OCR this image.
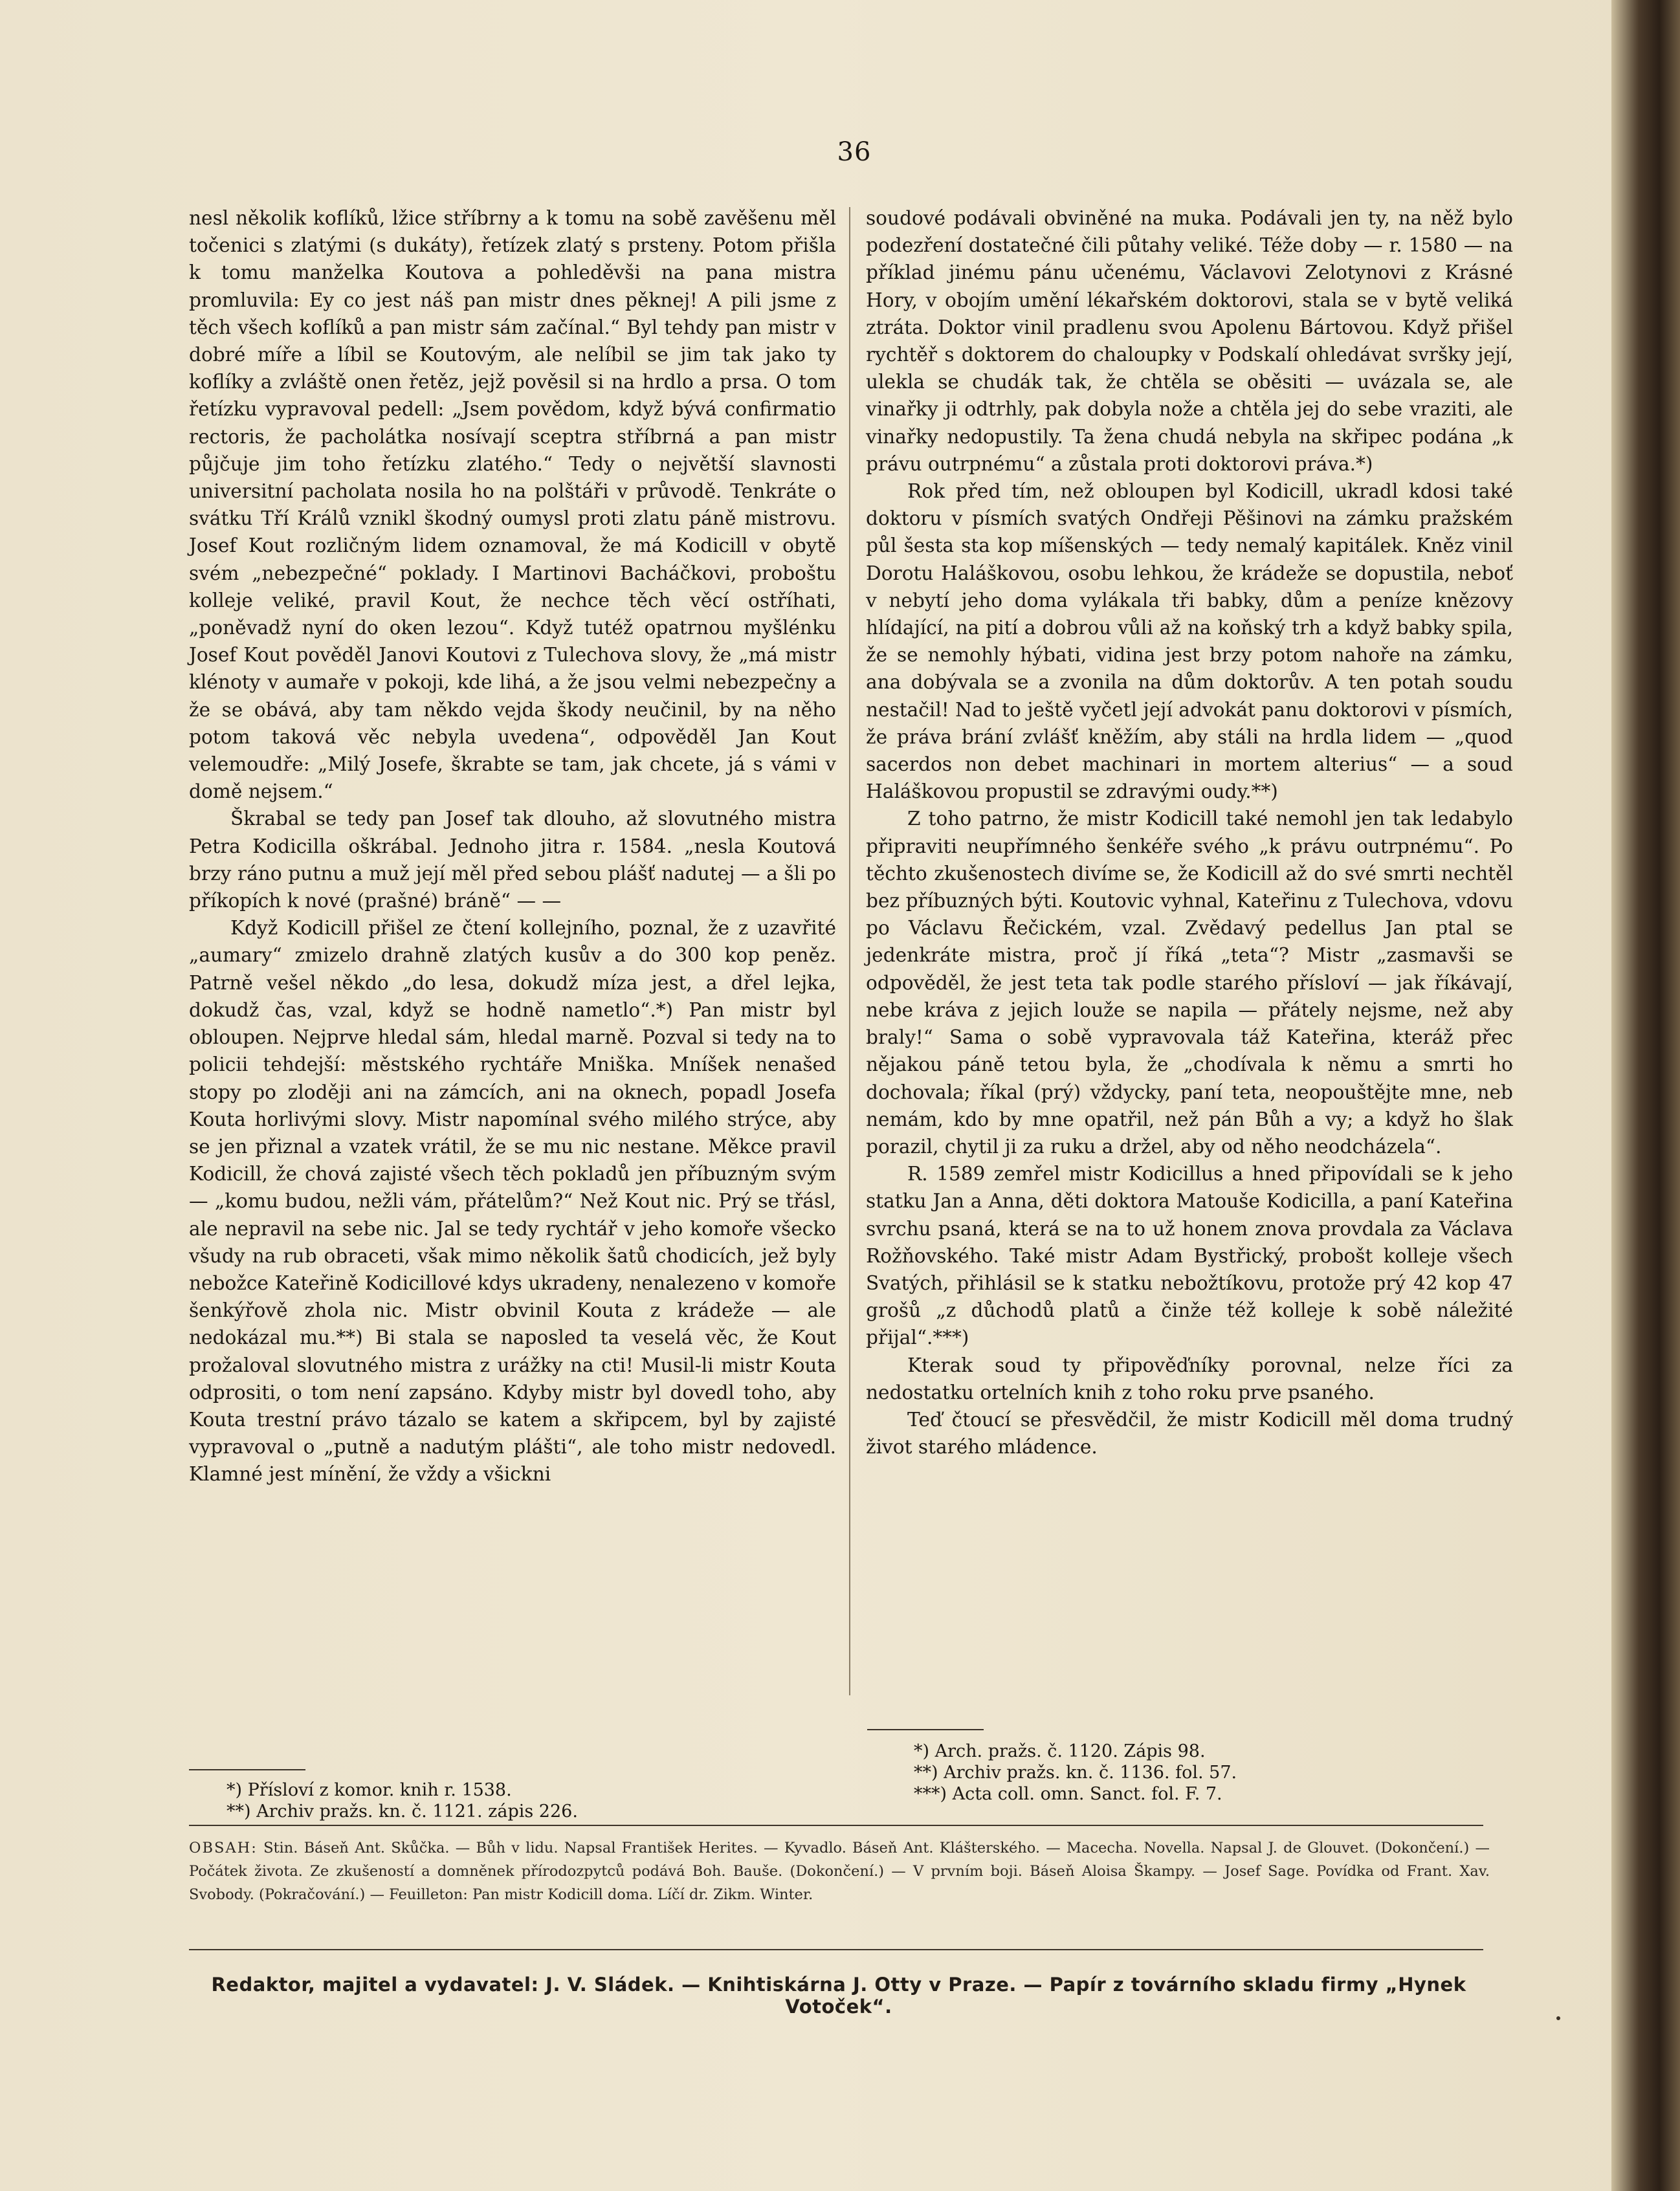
36

nesl několik koflíků, lžice stříbrny a k tomu na sobě zavěšenu měl točenici s zlatými (s dukáty), řetízek zlatý s prsteny. Potom přišla k tomu manželka Koutova a pohleděvši na pana mistra promluvila: Ey co jest náš pan mistr dnes pěknej! A pili jsme z těch všech koflíků a pan mistr sám začínal.“ Byl tehdy pan mistr v dobré míře a líbil se Koutovým, ale nelíbil se jim tak jako ty koflíky a zvláště onen řetěz, jejž pověsil si na hrdlo a prsa. O tom řetízku vypravoval pedell: „Jsem povědom, když bývá confirmatio rectoris, že pacholátka nosívají sceptra stříbrná a pan mistr půjčuje jim toho řetízku zlatého.“ Tedy o největší slavnosti universitní pacholata nosila ho na polštáři v průvodě. Tenkráte o svátku Tří Králů vznikl škodný oumysl proti zlatu páně mistrovu. Josef Kout rozličným lidem oznamoval, že má Kodicill v obytě svém „nebezpečné“ poklady. I Martinovi Bacháčkovi, proboštu kolleje veliké, pravil Kout, že nechce těch věcí ostříhati, „poněvadž nyní do oken lezou“. Když tutéž opatrnou myšlénku Josef Kout pověděl Janovi Koutovi z Tulechova slovy, že „má mistr klénoty v aumaře v pokoji, kde lihá, a že jsou velmi nebezpečny a že se obává, aby tam někdo vejda škody neučinil, by na něho potom taková věc nebyla uvedena“, odpověděl Jan Kout velemoudře: „Milý Josefe, škrabte se tam, jak chcete, já s vámi v domě nejsem.“

Škrabal se tedy pan Josef tak dlouho, až slovutného mistra Petra Kodicilla oškrábal. Jednoho jitra r. 1584. „nesla Koutová brzy ráno putnu a muž její měl před sebou plášť nadutej — a šli po příkopích k nové (prašné) bráně“ — —

Když Kodicill přišel ze čtení kollejního, poznal, že z uzavřité „aumary“ zmizelo drahně zlatých kusův a do 300 kop peněz. Patrně vešel někdo „do lesa, dokudž míza jest, a dřel lejka, dokudž čas, vzal, když se hodně nametlo“.*) Pan mistr byl obloupen. Nejprve hledal sám, hledal marně. Pozval si tedy na to policii tehdejší: městského rychtáře Mniška. Mníšek nenašed stopy po zloději ani na zámcích, ani na oknech, popadl Josefa Kouta horlivými slovy. Mistr napomínal svého milého strýce, aby se jen přiznal a vzatek vrátil, že se mu nic nestane. Měkce pravil Kodicill, že chová zajisté všech těch pokladů jen příbuzným svým — „komu budou, nežli vám, přátelům?“ Než Kout nic. Prý se třásl, ale nepravil na sebe nic. Jal se tedy rychtář v jeho komoře všecko všudy na rub obraceti, však mimo několik šatů chodicích, jež byly nebožce Kateřině Kodicillové kdys ukradeny, nenalezeno v komoře šenkýřově zhola nic. Mistr obvinil Kouta z krádeže — ale nedokázal mu.**) Bi stala se naposled ta veselá věc, že Kout prožaloval slovutného mistra z urážky na cti! Musil-li mistr Kouta odprositi, o tom není zapsáno. Kdyby mistr byl dovedl toho, aby Kouta trestní právo tázalo se katem a skřipcem, byl by zajisté vypravoval o „putně a nadutým plášti“, ale toho mistr nedovedl. Klamné jest mínění, že vždy a všickni

soudové podávali obviněné na muka. Podávali jen ty, na něž bylo podezření dostatečné čili půtahy veliké. Téže doby — r. 1580 — na příklad jinému pánu učenému, Václavovi Zelotynovi z Krásné Hory, v obojím umění lékařském doktorovi, stala se v bytě veliká ztráta. Doktor vinil pradlenu svou Apolenu Bártovou. Když přišel rychtěř s doktorem do chaloupky v Podskalí ohledávat svršky její, ulekla se chudák tak, že chtěla se oběsiti — uvázala se, ale vinařky ji odtrhly, pak dobyla nože a chtěla jej do sebe vraziti, ale vinařky nedopustily. Ta žena chudá nebyla na skřipec podána „k právu outrpnému“ a zůstala proti doktorovi práva.*)

Rok před tím, než obloupen byl Kodicill, ukradl kdosi také doktoru v písmích svatých Ondřeji Pěšinovi na zámku pražském půl šesta sta kop míšenských — tedy nemalý kapitálek. Kněz vinil Dorotu Haláškovou, osobu lehkou, že krádeže se dopustila, neboť v nebytí jeho doma vylákala tři babky, dům a peníze knězovy hlídající, na pití a dobrou vůli až na koňský trh a když babky spila, že se nemohly hýbati, vidina jest brzy potom nahoře na zámku, ana dobývala se a zvonila na dům doktorův. A ten potah soudu nestačil! Nad to ještě vyčetl její advokát panu doktorovi v písmích, že práva brání zvlášť kněžím, aby stáli na hrdla lidem — „quod sacerdos non debet machinari in mortem alterius“ — a soud Haláškovou propustil se zdravými oudy.**)

Z toho patrno, že mistr Kodicill také nemohl jen tak ledabylo připraviti neupřímného šenkéře svého „k právu outrpnému“. Po těchto zkušenostech divíme se, že Kodicill až do své smrti nechtěl bez příbuzných býti. Koutovic vyhnal, Kateřinu z Tulechova, vdovu po Václavu Řečickém, vzal. Zvědavý pedellus Jan ptal se jedenkráte mistra, proč jí říká „teta“? Mistr „zasmavši se odpověděl, že jest teta tak podle starého přísloví — jak říkávají, nebe kráva z jejich louže se napila — přátely nejsme, než aby braly!“ Sama o sobě vypravovala táž Kateřina, kteráž přec nějakou páně tetou byla, že „chodívala k němu a smrti ho dochovala; říkal (prý) vždycky, paní teta, neopouštějte mne, neb nemám, kdo by mne opatřil, než pán Bůh a vy; a když ho šlak porazil, chytil ji za ruku a držel, aby od něho neodcházela“.

R. 1589 zemřel mistr Kodicillus a hned připovídali se k jeho statku Jan a Anna, děti doktora Matouše Kodicilla, a paní Kateřina svrchu psaná, která se na to už honem znova provdala za Václava Rožňovského. Také mistr Adam Bystřický, probošt kolleje všech Svatých, přihlásil se k statku nebožtíkovu, protože prý 42 kop 47 grošů „z důchodů platů a činže též kolleje k sobě náležité přijal“.***)

Kterak soud ty připověďníky porovnal, nelze říci za nedostatku ortelních knih z toho roku prve psaného.

Teď čtoucí se přesvědčil, že mistr Kodicill měl doma trudný život starého mládence.

*) Přísloví z komor. knih r. 1538.
**) Archiv pražs. kn. č. 1121. zápis 226.
*) Arch. pražs. č. 1120. Zápis 98.
**) Archiv pražs. kn. č. 1136. fol. 57.
***) Acta coll. omn. Sanct. fol. F. 7.
OBSAH: Stin. Báseň Ant. Skůčka. — Bůh v lidu. Napsal František Herites. — Kyvadlo. Báseň Ant. Klášterského. — Macecha. Novella. Napsal J. de Glouvet. (Dokončení.) — Počátek života. Ze zkušeností a domněnek přírodozpytců podává Boh. Bauše. (Dokončení.) — V prvním boji. Báseň Aloisa Škampy. — Josef Sage. Povídka od Frant. Xav. Svobody. (Pokračování.) — Feuilleton: Pan mistr Kodicill doma. Líčí dr. Zikm. Winter.
Redaktor, majitel a vydavatel: J. V. Sládek. — Knihtiskárna J. Otty v Praze. — Papír z továrního skladu firmy „Hynek Votoček“.
